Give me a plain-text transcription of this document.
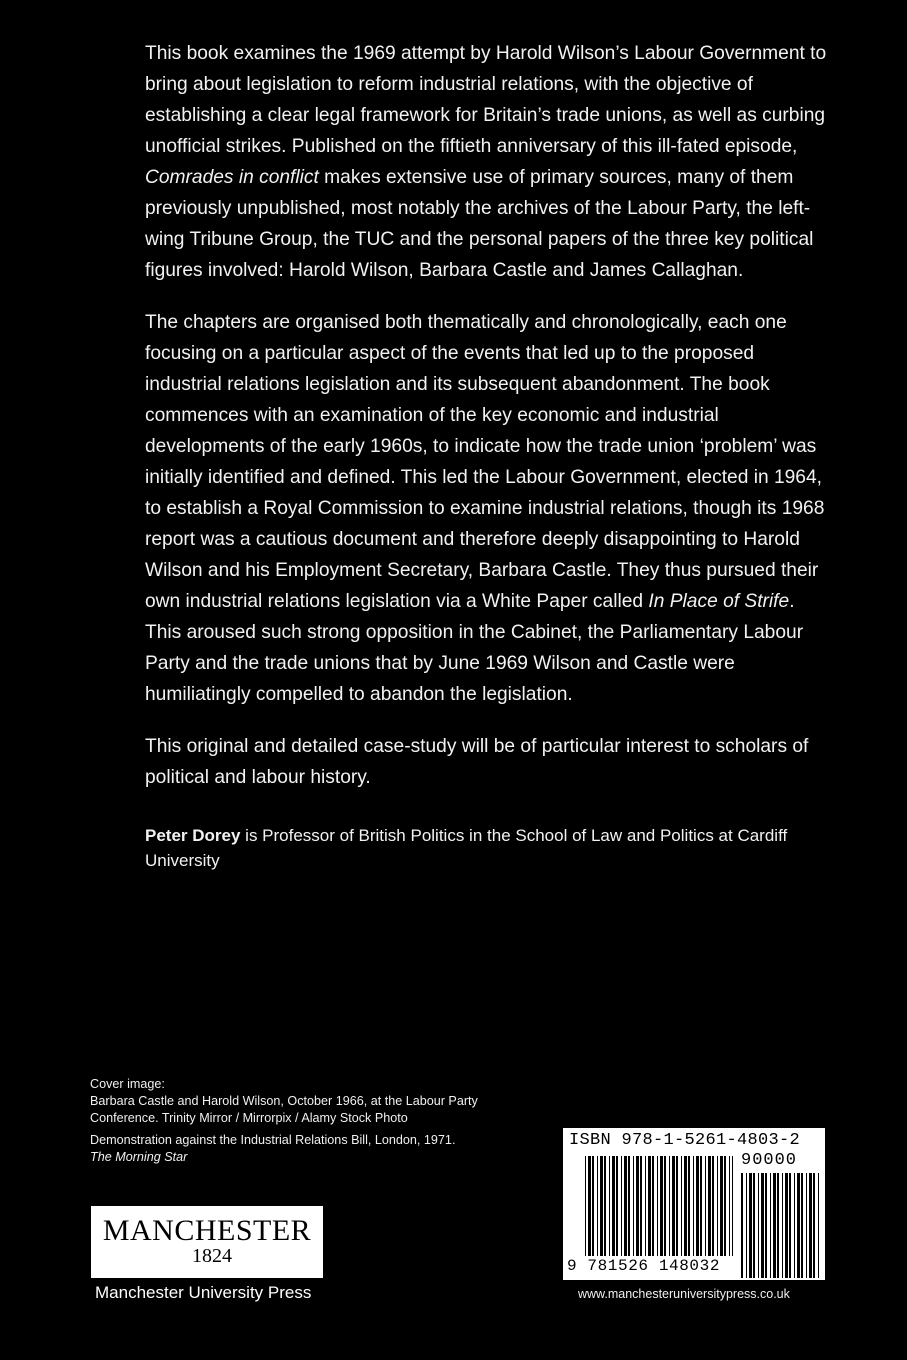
This book examines the 1969 attempt by Harold Wilson’s Labour Government to bring about legislation to reform industrial relations, with the objective of establishing a clear legal framework for Britain’s trade unions, as well as curbing unofficial strikes. Published on the fiftieth anniversary of this ill-fated episode, Comrades in conflict makes extensive use of primary sources, many of them previously unpublished, most notably the archives of the Labour Party, the left-wing Tribune Group, the TUC and the personal papers of the three key political figures involved: Harold Wilson, Barbara Castle and James Callaghan.

The chapters are organised both thematically and chronologically, each one focusing on a particular aspect of the events that led up to the proposed industrial relations legislation and its subsequent abandonment. The book commences with an examination of the key economic and industrial developments of the early 1960s, to indicate how the trade union ‘problem’ was initially identified and defined. This led the Labour Government, elected in 1964, to establish a Royal Commission to examine industrial relations, though its 1968 report was a cautious document and therefore deeply disappointing to Harold Wilson and his Employment Secretary, Barbara Castle. They thus pursued their own industrial relations legislation via a White Paper called In Place of Strife. This aroused such strong opposition in the Cabinet, the Parliamentary Labour Party and the trade unions that by June 1969 Wilson and Castle were humiliatingly compelled to abandon the legislation.

This original and detailed case-study will be of particular interest to scholars of political and labour history.

Peter Dorey is Professor of British Politics in the School of Law and Politics at Cardiff University

Cover image:

Barbara Castle and Harold Wilson, October 1966, at the Labour Party Conference. Trinity Mirror / Mirrorpix / Alamy Stock Photo

Demonstration against the Industrial Relations Bill, London, 1971.
The Morning Star

MANCHESTER
1824
Manchester University Press
ISBN 978-1-5261-4803-2
90000
9 781526 148032
www.manchesteruniversitypress.co.uk
